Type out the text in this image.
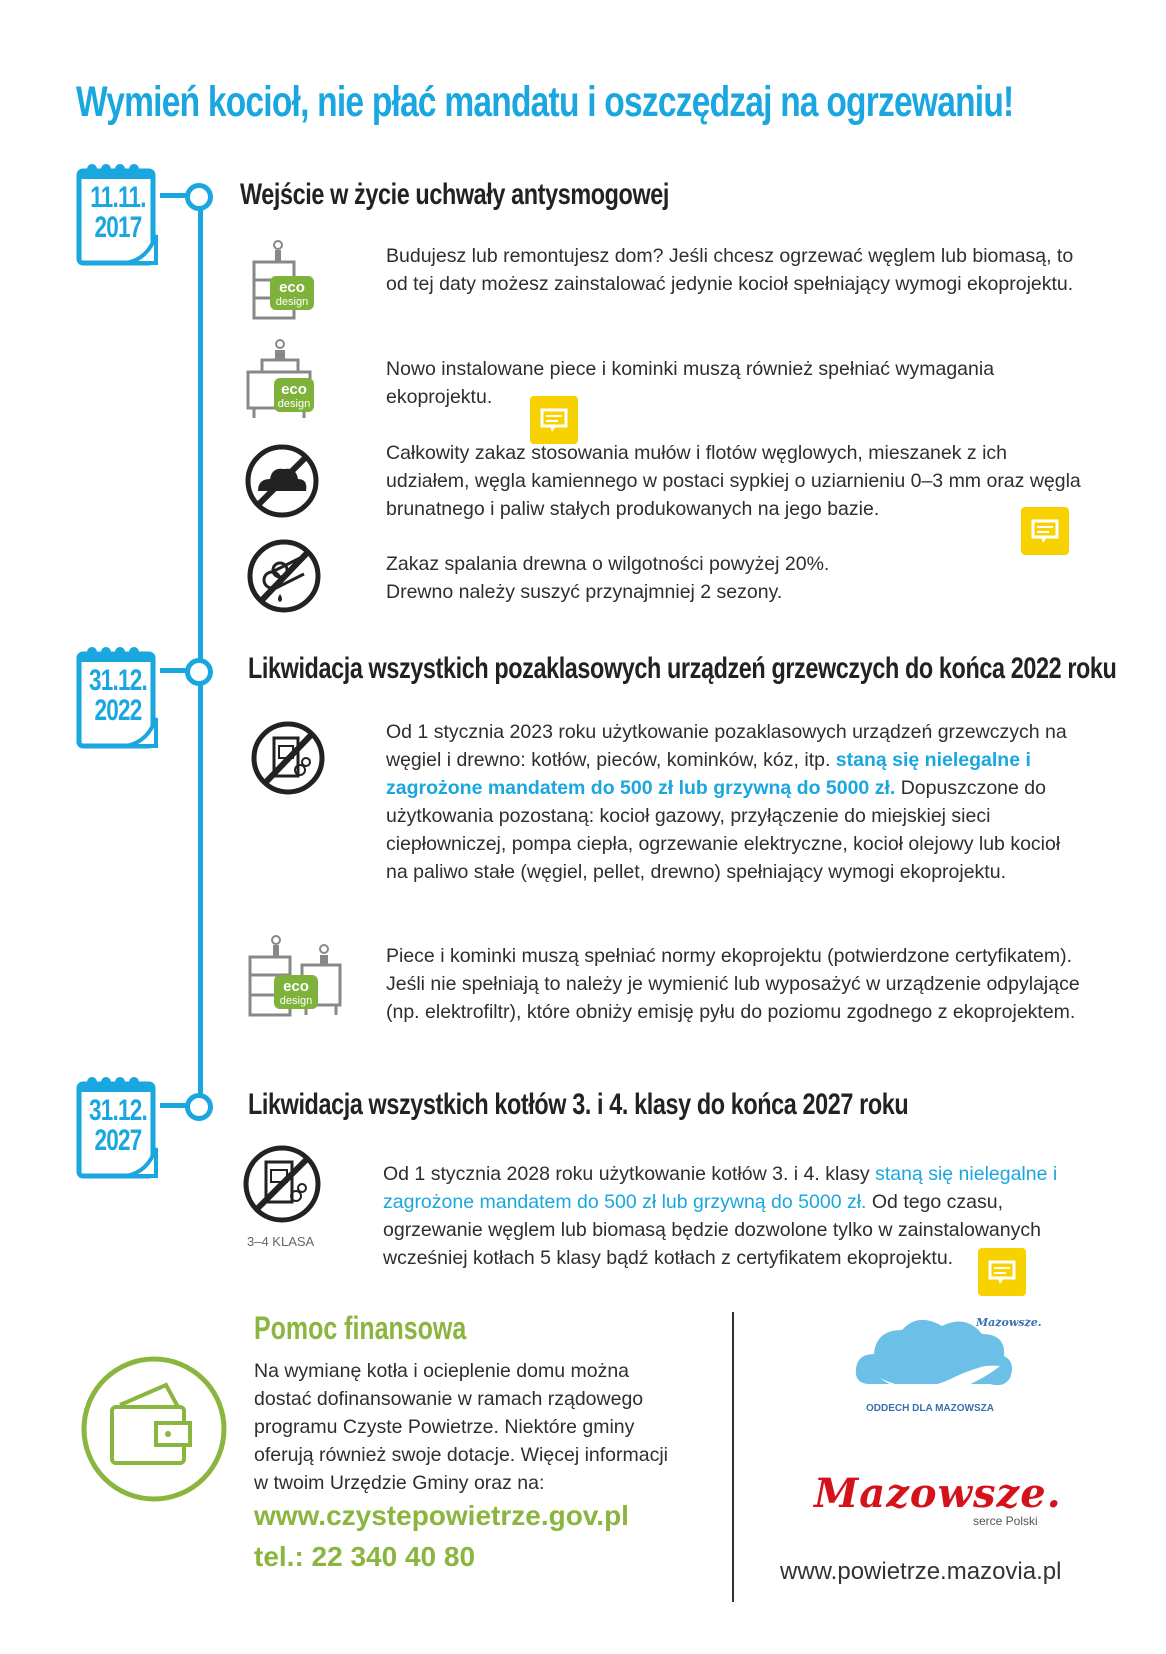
Wymień kocioł, nie płać mandatu i oszczędzaj na ogrzewaniu!
11.11.
2017
Wejście w życie uchwały antysmogowej
eco
design
Budujesz lub remontujesz dom? Jeśli chcesz ogrzewać węglem lub biomasą, to od tej daty możesz zainstalować jedynie kocioł spełniający wymogi ekoprojektu.
eco
design
Nowo instalowane piece i kominki muszą również spełniać wymagania ekoprojektu.
Całkowity zakaz stosowania mułów i flotów węglowych, mieszanek z ich udziałem, węgla kamiennego w postaci sypkiej o uziarnieniu 0–3 mm oraz węgla brunatnego i paliw stałych produkowanych na jego bazie.
Zakaz spalania drewna o wilgotności powyżej 20%. Drewno należy suszyć przynajmniej 2 sezony.
31.12.
2022
Likwidacja wszystkich pozaklasowych urządzeń grzewczych do końca 2022 roku
Od 1 stycznia 2023 roku użytkowanie pozaklasowych urządzeń grzewczych na węgiel i drewno: kotłów, pieców, kominków, kóz, itp. staną się nielegalne i zagrożone mandatem do 500 zł lub grzywną do 5000 zł. Dopuszczone do użytkowania pozostaną: kocioł gazowy, przyłączenie do miejskiej sieci ciepłowniczej, pompa ciepła, ogrzewanie elektryczne, kocioł olejowy lub kocioł na paliwo stałe (węgiel, pellet, drewno) spełniający wymogi ekoprojektu.
eco
design
Piece i kominki muszą spełniać normy ekoprojektu (potwierdzone certyfikatem). Jeśli nie spełniają to należy je wymienić lub wyposażyć w urządzenie odpylające (np. elektrofiltr), które obniży emisję pyłu do poziomu zgodnego z ekoprojektem.
31.12.
2027
Likwidacja wszystkich kotłów 3. i 4. klasy do końca 2027 roku
3–4 KLASA
Od 1 stycznia 2028 roku użytkowanie kotłów 3. i 4. klasy staną się nielegalne i zagrożone mandatem do 500 zł lub grzywną do 5000 zł. Od tego czasu, ogrzewanie węglem lub biomasą będzie dozwolone tylko w zainstalowanych wcześniej kotłach 5 klasy bądź kotłach z certyfikatem ekoprojektu.
Pomoc finansowa
Na wymianę kotła i ocieplenie domu można dostać dofinansowanie w ramach rządowego programu Czyste Powietrze. Niektóre gminy oferują również swoje dotacje. Więcej informacji w twoim Urzędzie Gminy oraz na:
www.czystepowietrze.gov.pl
tel.: 22 340 40 80
Mazowsze.
ODDECH DLA MAZOWSZA
Mazowsze.
serce Polski
www.powietrze.mazovia.pl
